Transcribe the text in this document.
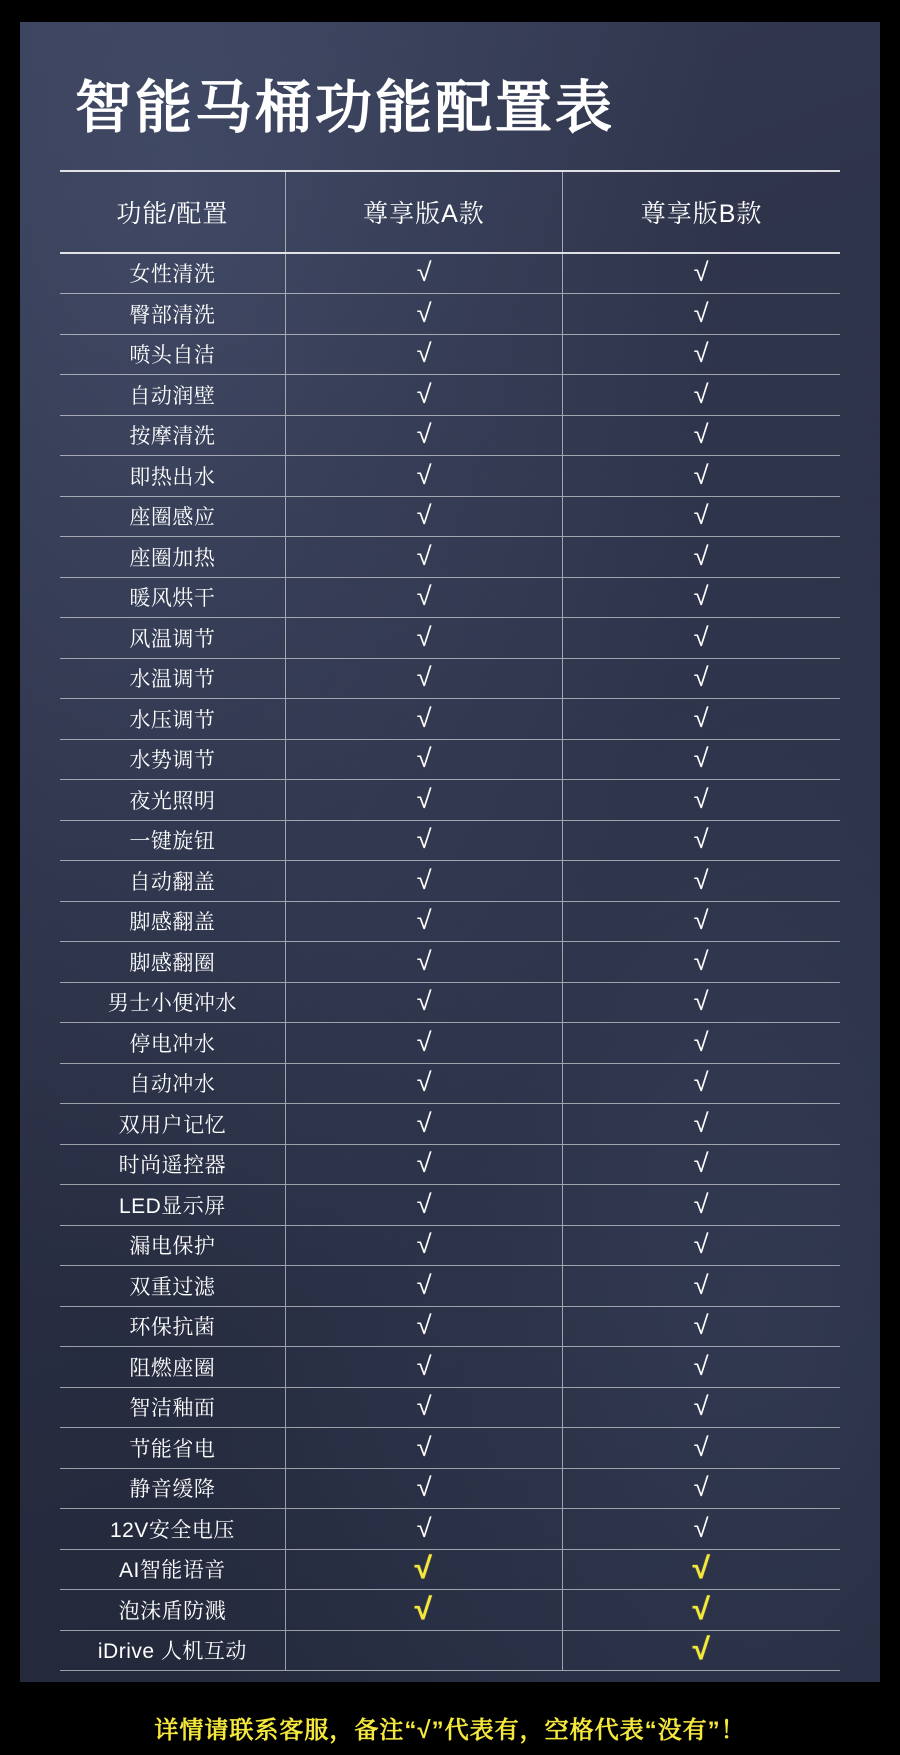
智能马桶功能配置表
功能/配置	尊享版A款	尊享版B款
女性清洗	√	√
臀部清洗	√	√
喷头自洁	√	√
自动润壁	√	√
按摩清洗	√	√
即热出水	√	√
座圈感应	√	√
座圈加热	√	√
暖风烘干	√	√
风温调节	√	√
水温调节	√	√
水压调节	√	√
水势调节	√	√
夜光照明	√	√
一键旋钮	√	√
自动翻盖	√	√
脚感翻盖	√	√
脚感翻圈	√	√
男士小便冲水	√	√
停电冲水	√	√
自动冲水	√	√
双用户记忆	√	√
时尚遥控器	√	√
LED显示屏	√	√
漏电保护	√	√
双重过滤	√	√
环保抗菌	√	√
阻燃座圈	√	√
智洁釉面	√	√
节能省电	√	√
静音缓降	√	√
12V安全电压	√	√
AI智能语音	√	√
泡沫盾防溅	√	√
iDrive 人机互动		√
详情请联系客服，备注“√”代表有，空格代表“没有”！
